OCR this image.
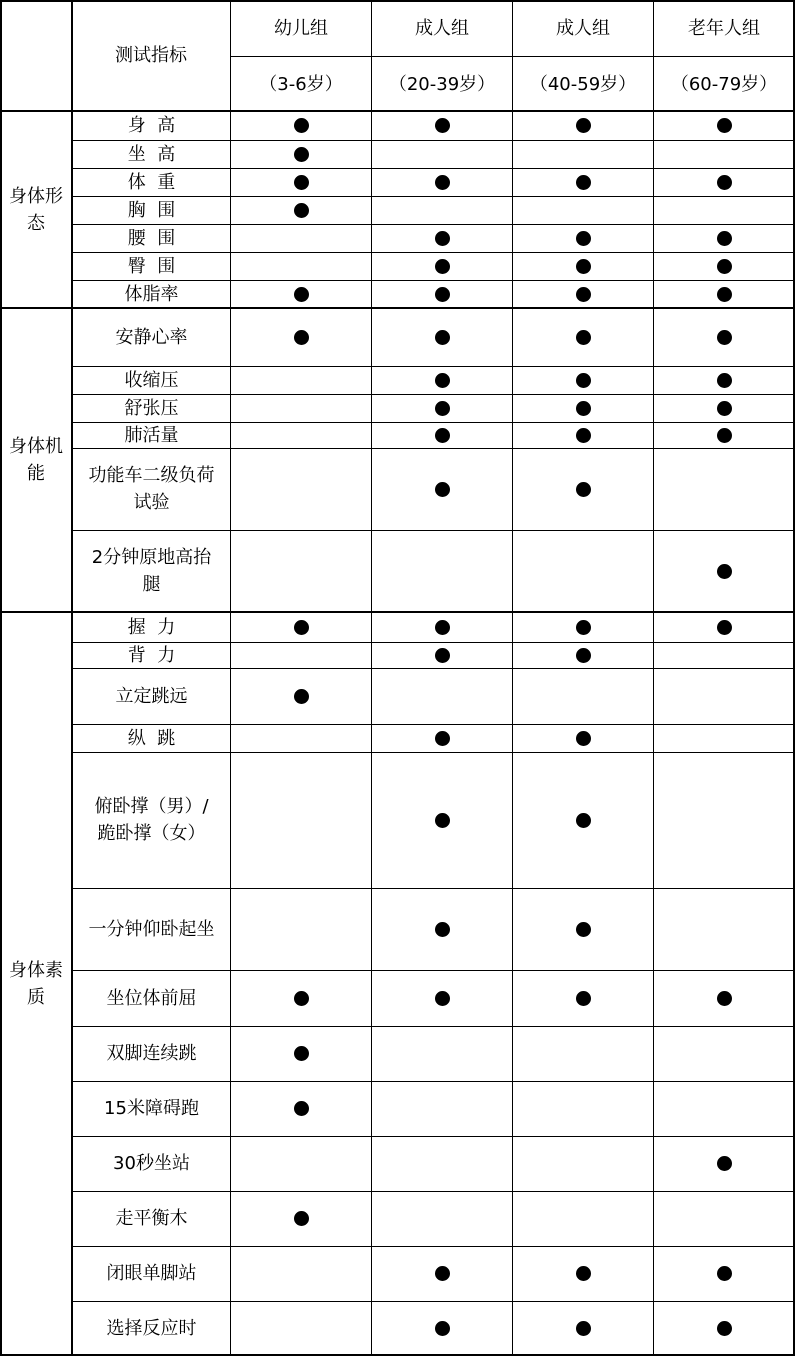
测试指标
幼儿组
（3-6岁）
成人组
（20-39岁）
成人组
（40-59岁）
老年人组
（60-79岁）
身体形
态
身体机
能
身体素
质
身  高
坐  高
体  重
胸  围
腰  围
臀  围
体脂率
安静心率
收缩压
舒张压
肺活量
功能车二级负荷
试验
2分钟原地高抬
腿
握  力
背  力
立定跳远
纵  跳
俯卧撑（男）/
跪卧撑（女）
一分钟仰卧起坐
坐位体前屈
双脚连续跳
15米障碍跑
30秒坐站
走平衡木
闭眼单脚站
选择反应时
